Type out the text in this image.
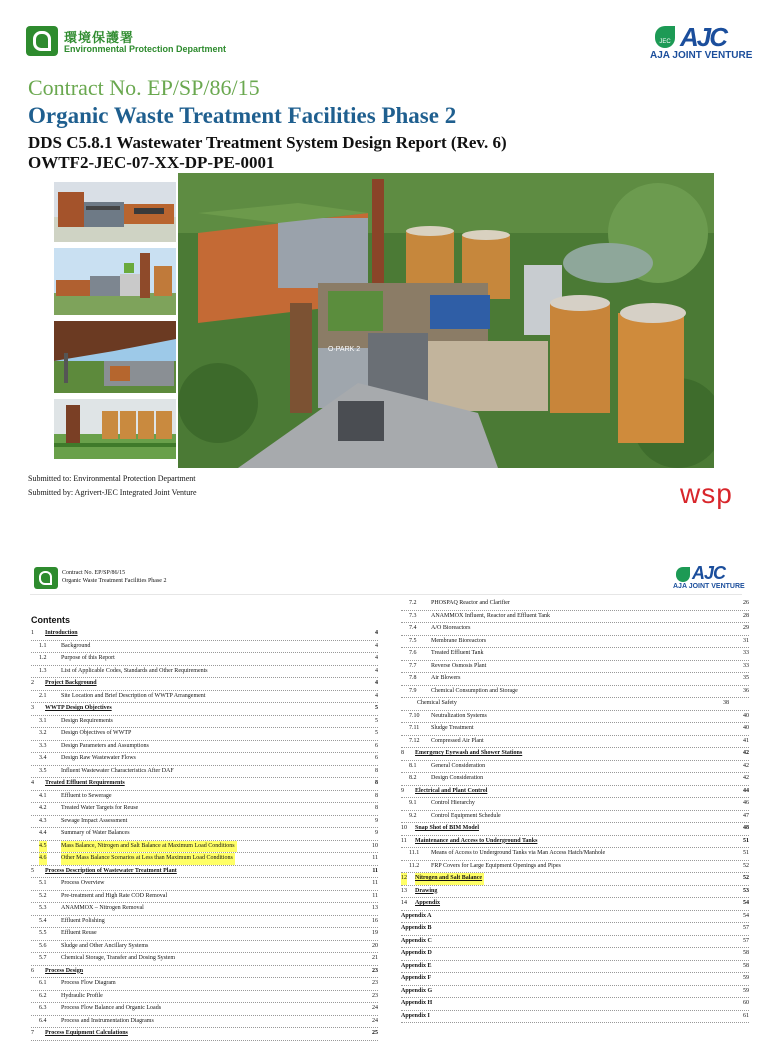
環境保護署
Environmental Protection Department
JEC AJC
AJA JOINT VENTURE
Contract No. EP/SP/86/15
Organic Waste Treatment Facilities Phase 2
DDS C5.8.1 Wastewater Treatment System Design Report (Rev. 6)
OWTF2-JEC-07-XX-DP-PE-0001
O·PARK 2
Submitted to: Environmental Protection Department
Submitted by: Agrivert-JEC Integrated Joint Venture	wsp
Contract No. EP/SP/86/15
Organic Waste Treatment Facilities Phase 2	AJC
AJA JOINT VENTURE
Contents
1 Introduction	4
1.1 Background	4
1.2 Purpose of this Report	4
1.3 List of Applicable Codes, Standards and Other Requirements	4
2 Project Background	4
2.1 Site Location and Brief Description of WWTP Arrangement	4
3 WWTP Design Objectives	5
3.1 Design Requirements	5
3.2 Design Objectives of WWTP	5
3.3 Design Parameters and Assumptions	6
3.4 Design Raw Wastewater Flows	6
3.5 Influent Wastewater Characteristics After DAF	8
4 Treated Effluent Requirements	8
4.1 Effluent to Sewerage	8
4.2 Treated Water Targets for Reuse	8
4.3 Sewage Impact Assessment	9
4.4 Summary of Water Balances	9
4.5 Mass Balance, Nitrogen and Salt Balance at Maximum Load Conditions	10
4.6 Other Mass Balance Scenarios at Less than Maximum Load Conditions	11
5 Process Description of Wastewater Treatment Plant	11
5.1 Process Overview	11
5.2 Pre-treatment and High Rate COD Removal	11
5.3 ANAMMOX – Nitrogen Removal	13
5.4 Effluent Polishing	16
5.5 Effluent Reuse	19
5.6 Sludge and Other Ancillary Systems	20
5.7 Chemical Storage, Transfer and Dosing System	21
6 Process Design	23
6.1 Process Flow Diagram	23
6.2 Hydraulic Profile	23
6.3 Process Flow Balance and Organic Loads	24
6.4 Process and Instrumentation Diagrams	24
7 Process Equipment Calculations	25
7.2 PHOSPAQ Reactor and Clarifier	26
7.3 ANAMMOX Influent, Reactor and Effluent Tank	28
7.4 A/O Bioreactors	29
7.5 Membrane Bioreactors	31
7.6 Treated Effluent Tank	33
7.7 Reverse Osmosis Plant	33
7.8 Air Blowers	35
7.9 Chemical Consumption and Storage	36
Chemical Safety	38
7.10 Neutralization Systems	40
7.11 Sludge Treatment	40
7.12 Compressed Air Plant	41
8 Emergency Eyewash and Shower Stations	42
8.1 General Consideration	42
8.2 Design Consideration	42
9 Electrical and Plant Control	44
9.1 Control Hierarchy	46
9.2 Control Equipment Schedule	47
10 Snap Shot of BIM Model	48
11 Maintenance and Access to Underground Tanks	51
11.1 Means of Access to Underground Tanks via Man Access Hatch/Manhole	51
11.2 FRP Covers for Large Equipment Openings and Pipes	52
12 Nitrogen and Salt Balance	52
13 Drawing	53
14 Appendix	54
Appendix A	54
Appendix B	57
Appendix C	57
Appendix D	58
Appendix E	58
Appendix F	59
Appendix G	59
Appendix H	60
Appendix I	61
